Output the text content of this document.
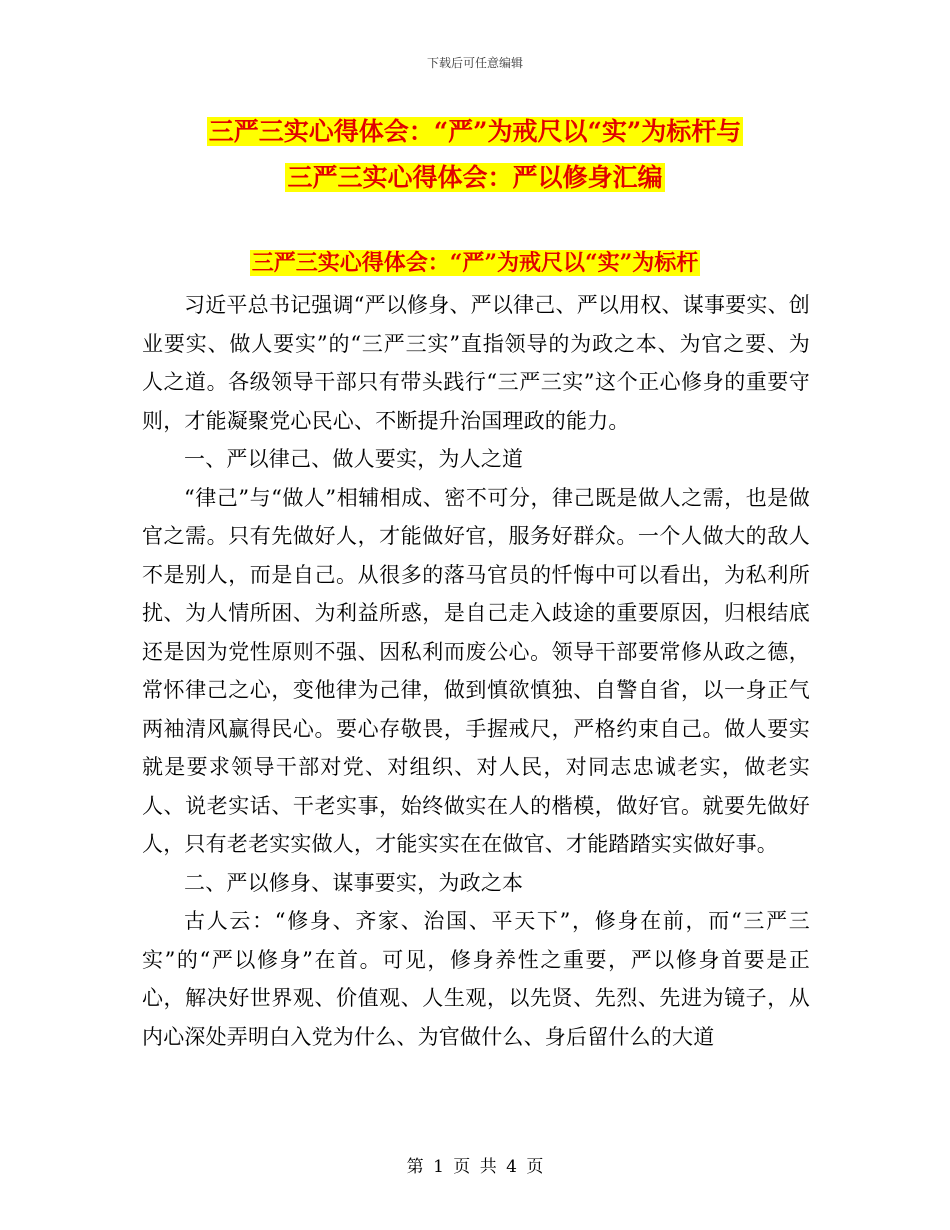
下载后可任意编辑
三严三实心得体会：“严”为戒尺以“实”为标杆与
三严三实心得体会：严以修身汇编
三严三实心得体会：“严”为戒尺以“实”为标杆

习近平总书记强调“严以修身、严以律己、严以用权、谋事要实、创业要实、做人要实”的“三严三实”直指领导的为政之本、为官之要、为人之道。各级领导干部只有带头践行“三严三实”这个正心修身的重要守则，才能凝聚党心民心、不断提升治国理政的能力。

一、严以律己、做人要实，为人之道

“律己”与“做人”相辅相成、密不可分，律己既是做人之需，也是做官之需。只有先做好人，才能做好官，服务好群众。一个人做大的敌人不是别人，而是自己。从很多的落马官员的忏悔中可以看出，为私利所扰、为人情所困、为利益所惑，是自己走入歧途的重要原因，归根结底还是因为党性原则不强、因私利而废公心。领导干部要常修从政之德，常怀律己之心，变他律为己律，做到慎欲慎独、自警自省，以一身正气两袖清风赢得民心。要心存敬畏，手握戒尺，严格约束自己。做人要实就是要求领导干部对党、对组织、对人民，对同志忠诚老实，做老实人、说老实话、干老实事，始终做实在人的楷模，做好官。就要先做好人，只有老老实实做人，才能实实在在做官、才能踏踏实实做好事。

二、严以修身、谋事要实，为政之本

古人云：“修身、齐家、治国、平天下”，修身在前，而“三严三实”的“严以修身”在首。可见，修身养性之重要，严以修身首要是正心，解决好世界观、价值观、人生观，以先贤、先烈、先进为镜子，从内心深处弄明白入党为什么、为官做什么、身后留什么的大道

第 1 页 共 4 页
